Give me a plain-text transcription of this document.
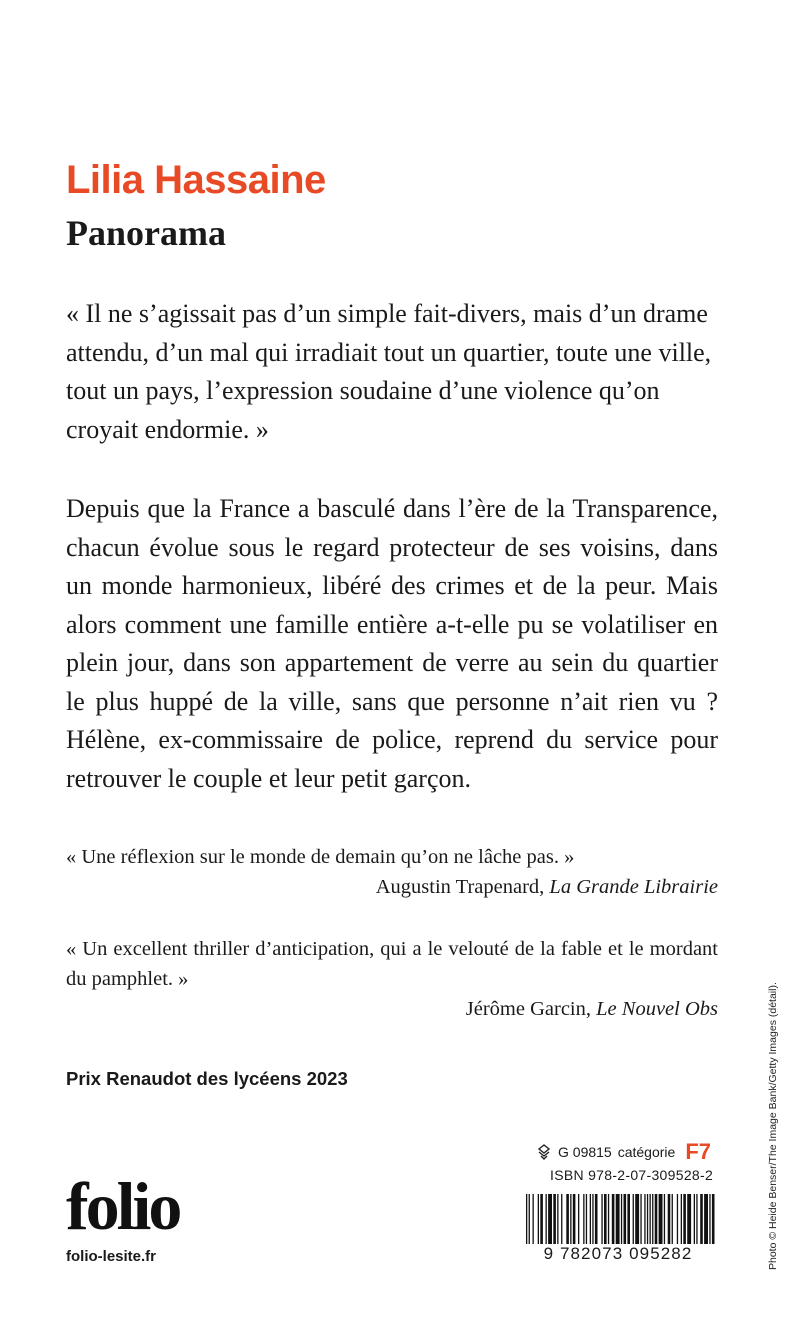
Lilia Hassaine
Panorama

« Il ne s’agissait pas d’un simple fait-divers, mais d’un drame attendu, d’un mal qui irradiait tout un quartier, toute une ville, tout un pays, l’expression soudaine d’une violence qu’on croyait endormie. »

Depuis que la France a basculé dans l’ère de la Transparence, chacun évolue sous le regard protecteur de ses voisins, dans un monde harmonieux, libéré des crimes et de la peur. Mais alors comment une famille entière a-t-elle pu se volatiliser en plein jour, dans son appartement de verre au sein du quartier le plus huppé de la ville, sans que personne n’ait rien vu ? Hélène, ex-commissaire de police, reprend du service pour retrouver le couple et leur petit garçon.

« Une réflexion sur le monde de demain qu’on ne lâche pas. »
Augustin Trapenard, La Grande Librairie
« Un excellent thriller d’anticipation, qui a le velouté de la fable et le mordant du pamphlet. »
Jérôme Garcin, Le Nouvel Obs

Prix Renaudot des lycéens 2023

folio
folio-lesite.fr
G 09815 catégorie F7
ISBN 978-2-07-309528-2
9 782073 095282	Photo © Heide Benser/The Image Bank/Getty Images (détail).
